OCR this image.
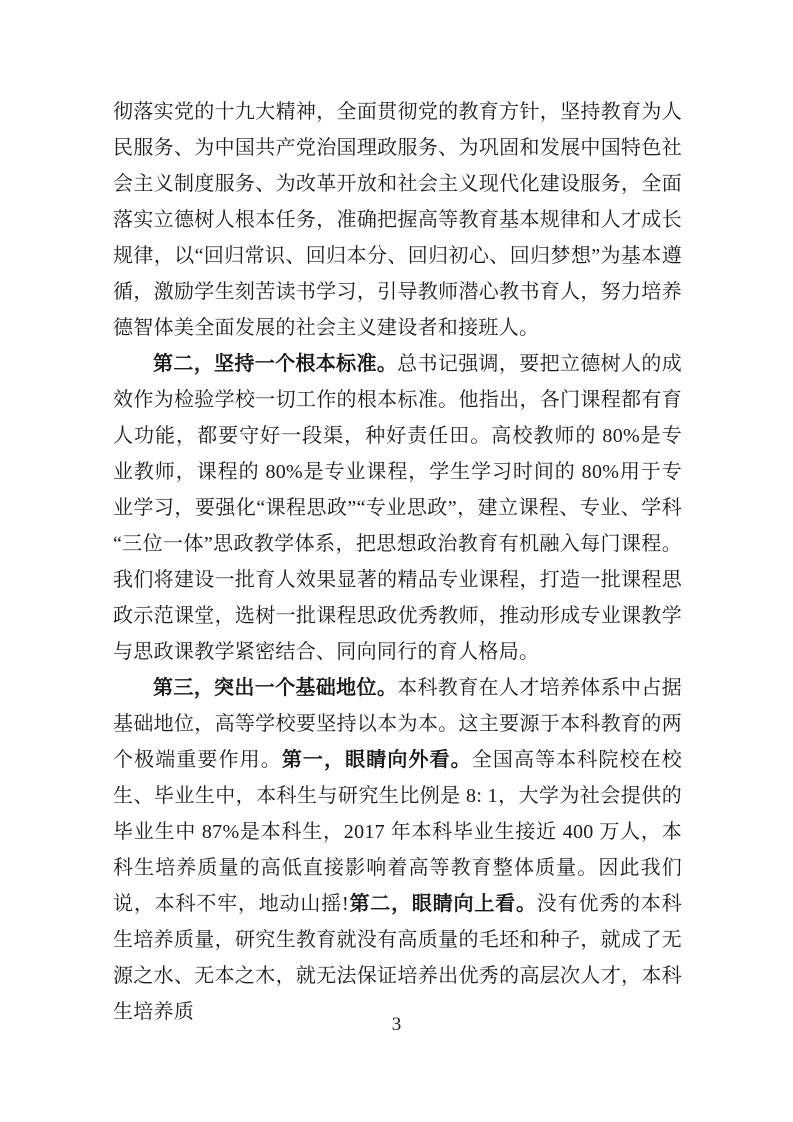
彻落实党的十九大精神，全面贯彻党的教育方针，坚持教育为人民服务、为中国共产党治国理政服务、为巩固和发展中国特色社会主义制度服务、为改革开放和社会主义现代化建设服务，全面落实立德树人根本任务，准确把握高等教育基本规律和人才成长规律，以“回归常识、回归本分、回归初心、回归梦想”为基本遵循，激励学生刻苦读书学习，引导教师潜心教书育人，努力培养德智体美全面发展的社会主义建设者和接班人。

第二，坚持一个根本标准。总书记强调，要把立德树人的成效作为检验学校一切工作的根本标准。他指出，各门课程都有育人功能，都要守好一段渠，种好责任田。高校教师的 80%是专业教师，课程的 80%是专业课程，学生学习时间的 80%用于专业学习，要强化“课程思政”“专业思政”，建立课程、专业、学科“三位一体”思政教学体系，把思想政治教育有机融入每门课程。我们将建设一批育人效果显著的精品专业课程，打造一批课程思政示范课堂，选树一批课程思政优秀教师，推动形成专业课教学与思政课教学紧密结合、同向同行的育人格局。

第三，突出一个基础地位。本科教育在人才培养体系中占据基础地位，高等学校要坚持以本为本。这主要源于本科教育的两个极端重要作用。第一，眼睛向外看。全国高等本科院校在校生、毕业生中，本科生与研究生比例是 8: 1，大学为社会提供的毕业生中 87%是本科生，2017 年本科毕业生接近 400 万人，本科生培养质量的高低直接影响着高等教育整体质量。因此我们说，本科不牢，地动山摇!第二，眼睛向上看。没有优秀的本科生培养质量，研究生教育就没有高质量的毛坯和种子，就成了无源之水、无本之木，就无法保证培养出优秀的高层次人才，本科生培养质

3
